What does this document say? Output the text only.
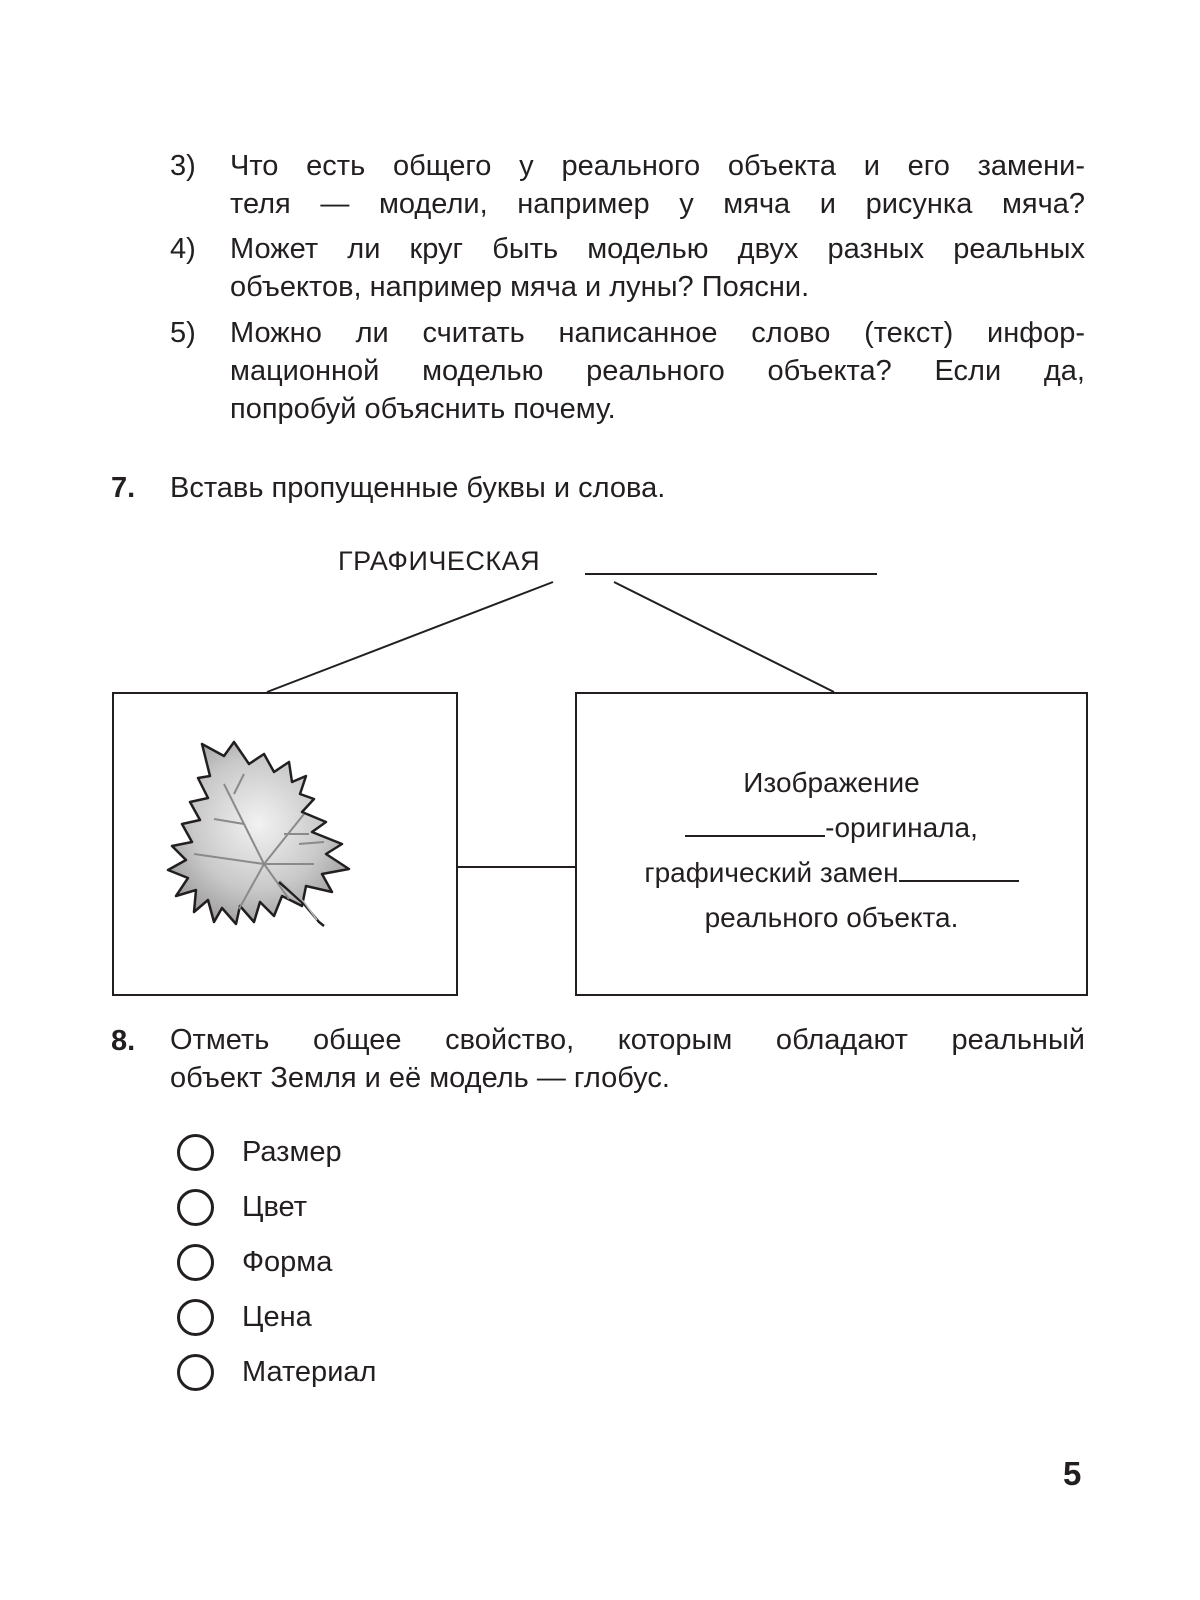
3) Что есть общего у реального объекта и его замени-
теля — модели, например у мяча и рисунка мяча?
4) Может ли круг быть моделью двух разных реальных
объектов, например мяча и луны? Поясни.
5) Можно ли считать написанное слово (текст) инфор-
мационной моделью реального объекта? Если да,
попробуй объяснить почему.
7. Вставь пропущенные буквы и слова.
ГРАФИЧЕСКАЯ
Изображение
-оригинала,
графический замен
реального объекта.
8. Отметь общее свойство, которым обладают реальный
объект Земля и её модель — глобус.
Размер
Цвет
Форма
Цена
Материал
5
